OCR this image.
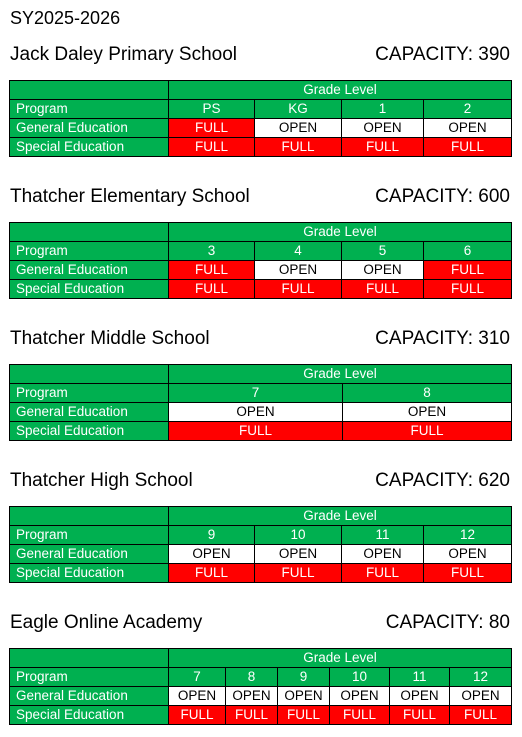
SY2025-2026
Jack Daley Primary School	CAPACITY: 390
	Grade Level			
Program	PS	KG	1	2
General Education	FULL	OPEN	OPEN	OPEN
Special Education	FULL	FULL	FULL	FULL
Thatcher Elementary School	CAPACITY: 600
	Grade Level			
Program	3	4	5	6
General Education	FULL	OPEN	OPEN	FULL
Special Education	FULL	FULL	FULL	FULL
Thatcher Middle School	CAPACITY: 310
	Grade Level	
Program	7	8
General Education	OPEN	OPEN
Special Education	FULL	FULL
Thatcher High School	CAPACITY: 620
	Grade Level			
Program	9	10	11	12
General Education	OPEN	OPEN	OPEN	OPEN
Special Education	FULL	FULL	FULL	FULL
Eagle Online Academy	CAPACITY: 80
	Grade Level					
Program	7	8	9	10	11	12
General Education	OPEN	OPEN	OPEN	OPEN	OPEN	OPEN
Special Education	FULL	FULL	FULL	FULL	FULL	FULL
